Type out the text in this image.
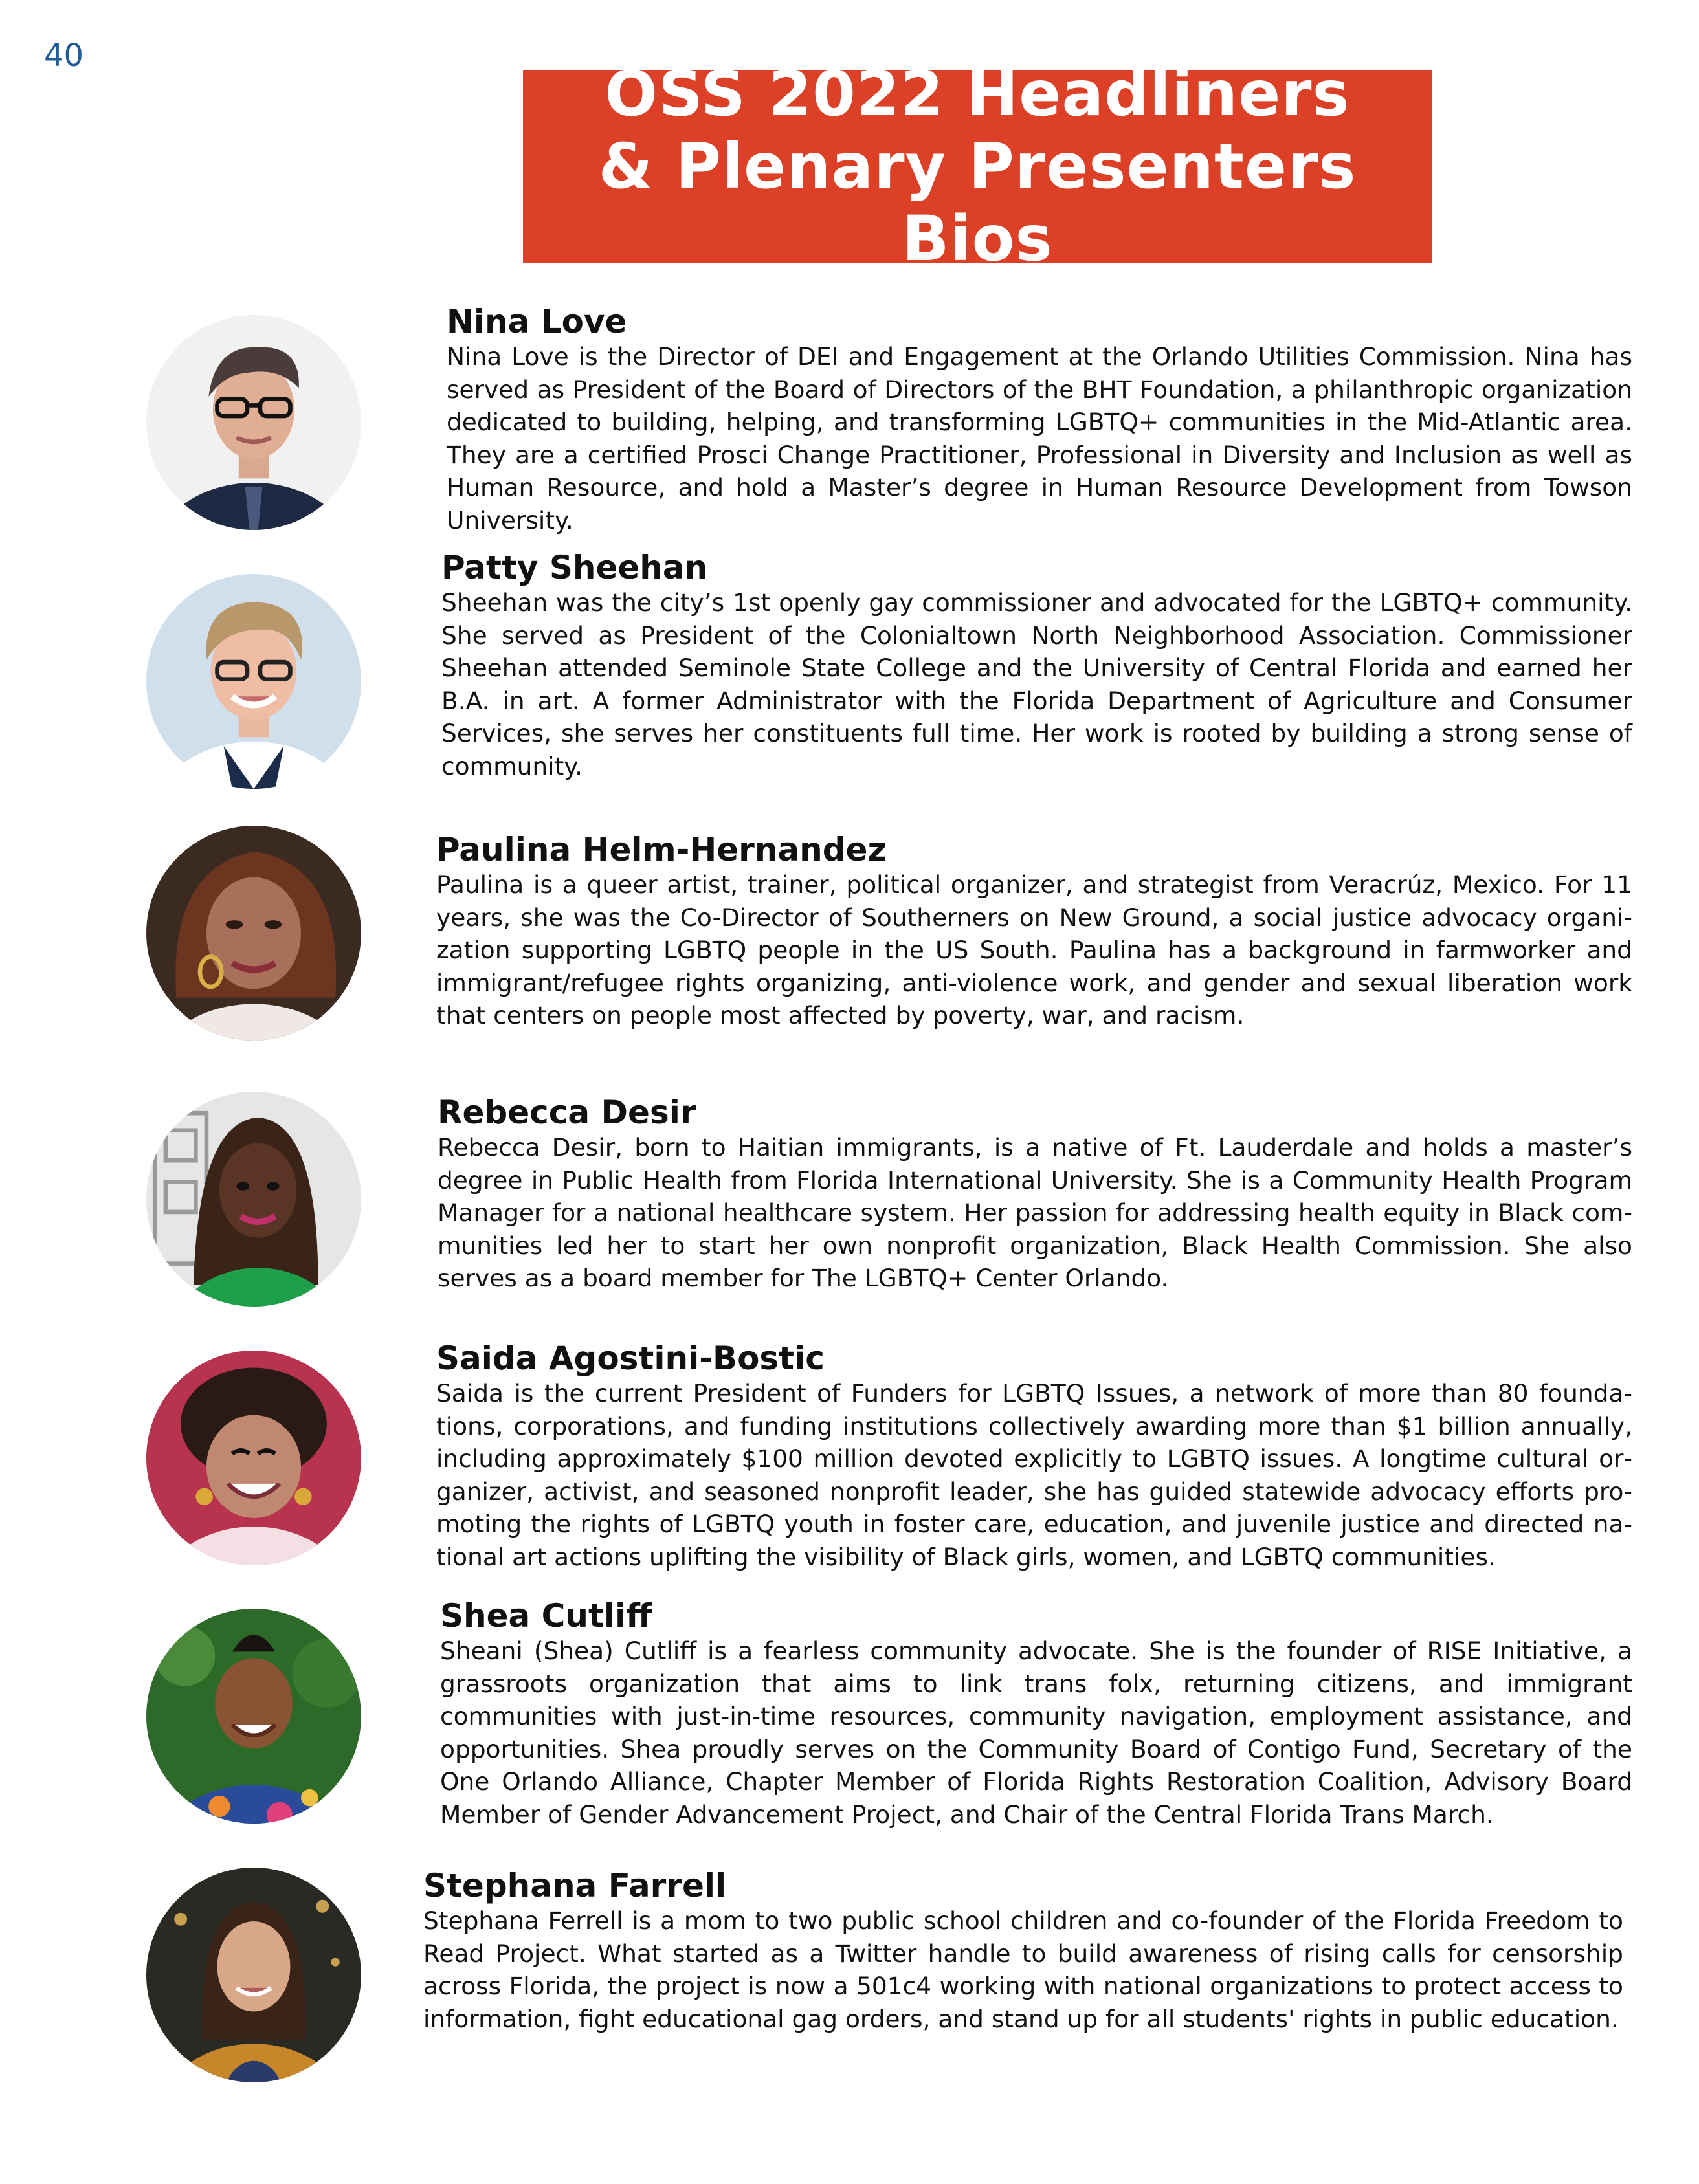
40
OSS 2022 Headliners
& Plenary Presenters Bios
Nina Love
Nina Love is the Director of DEI and Engagement at the Orlando Utilities Commission. Nina has served as President of the Board of Directors of the BHT Foundation, a philanthropic organization dedicated to building, helping, and transforming LGBTQ+ communities in the Mid-Atlantic area. They are a certified Prosci Change Practitioner, Professional in Diversity and Inclusion as well as Human Resource, and hold a Master’s degree in Human Resource Development from Towson University.
Patty Sheehan
Sheehan was the city’s 1st openly gay commissioner and advocated for the LGBTQ+ community. She served as President of the Colonialtown North Neighborhood Association. Commissioner Sheehan attended Seminole State College and the University of Central Florida and earned her B.A. in art. A former Administrator with the Florida Department of Agriculture and Consumer Services, she serves her constituents full time. Her work is rooted by building a strong sense of community.
Paulina Helm-Hernandez
Paulina is a queer artist, trainer, political organizer, and strategist from Veracrúz, Mexico. For 11 years, she was the Co-Director of Southerners on New Ground, a social justice advocacy organization supporting LGBTQ people in the US South. Paulina has a background in farmworker and immigrant/refugee rights organizing, anti-violence work, and gender and sexual liberation work that centers on people most affected by poverty, war, and racism.
Rebecca Desir
Rebecca Desir, born to Haitian immigrants, is a native of Ft. Lauderdale and holds a master’s degree in Public Health from Florida International University. She is a Community Health Program Manager for a national healthcare system. Her passion for addressing health equity in Black communities led her to start her own nonprofit organization, Black Health Commission. She also serves as a board member for The LGBTQ+ Center Orlando.
Saida Agostini-Bostic
Saida is the current President of Funders for LGBTQ Issues, a network of more than 80 foundations, corporations, and funding institutions collectively awarding more than $1 billion annually, including approximately $100 million devoted explicitly to LGBTQ issues. A longtime cultural organizer, activist, and seasoned nonprofit leader, she has guided statewide advocacy efforts promoting the rights of LGBTQ youth in foster care, education, and juvenile justice and directed national art actions uplifting the visibility of Black girls, women, and LGBTQ communities.
Shea Cutliff
Sheani (Shea) Cutliff is a fearless community advocate. She is the founder of RISE Initiative, a grassroots organization that aims to link trans folx, returning citizens, and immigrant communities with just-in-time resources, community navigation, employment assistance, and opportunities. Shea proudly serves on the Community Board of Contigo Fund, Secretary of the One Orlando Alliance, Chapter Member of Florida Rights Restoration Coalition, Advisory Board Member of Gender Advancement Project, and Chair of the Central Florida Trans March.
Stephana Farrell
Stephana Ferrell is a mom to two public school children and co-founder of the Florida Freedom to Read Project. What started as a Twitter handle to build awareness of rising calls for censorship across Florida, the project is now a 501c4 working with national organizations to protect access to information, fight educational gag orders, and stand up for all students' rights in public education.
